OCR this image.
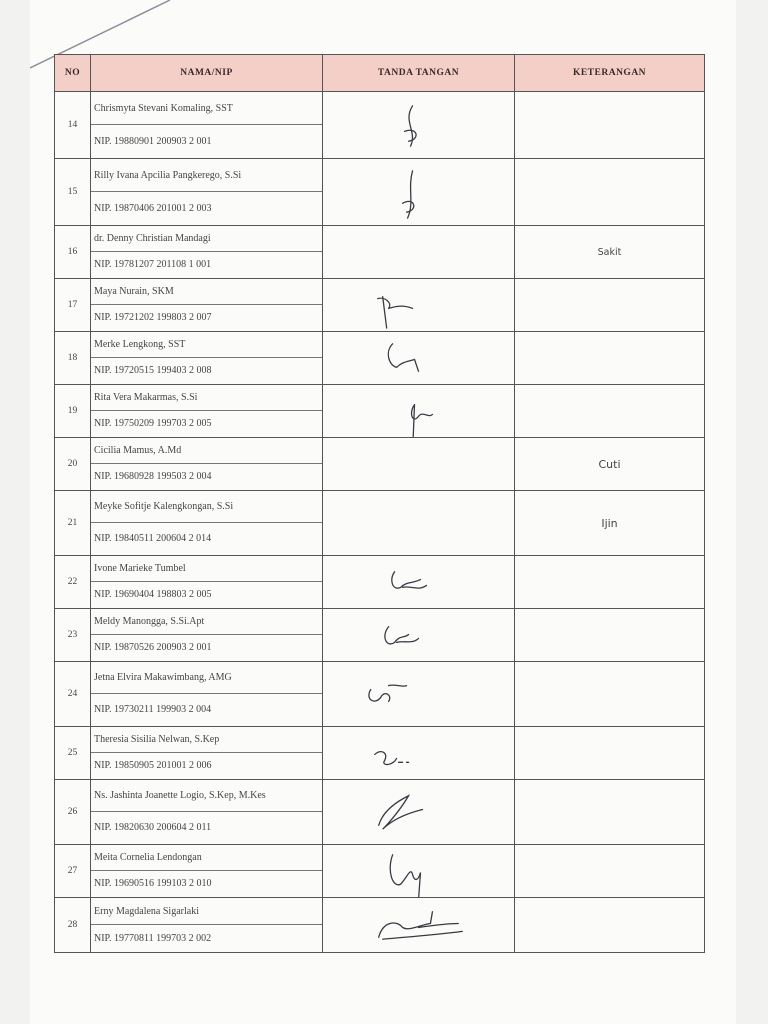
NO	NAMA/NIP	TANDA TANGAN	KETERANGAN
14	Chrismyta Stevani Komaling, SST
NIP. 19880901 200903 2 001

15	Rilly Ivana Apcilia Pangkerego, S.Si
NIP. 19870406 201001 2 003

16	dr. Denny Christian Mandagi
NIP. 19781207 201108 1 001		Sakit
17	Maya Nurain, SKM
NIP. 19721202 199803 2 007

18	Merke Lengkong, SST
NIP. 19720515 199403 2 008

19	Rita Vera Makarmas, S.Si
NIP. 19750209 199703 2 005

20	Cicilia Mamus, A.Md
NIP. 19680928 199503 2 004		Cuti
21	Meyke Sofitje Kalengkongan, S.Si
NIP. 19840511 200604 2 014		Ijin
22	Ivone Marieke Tumbel
NIP. 19690404 198803 2 005

23	Meldy Manongga, S.Si.Apt
NIP. 19870526 200903 2 001

24	Jetna Elvira Makawimbang, AMG
NIP. 19730211 199903 2 004

25	Theresia Sisilia Nelwan, S.Kep
NIP. 19850905 201001 2 006

26	Ns. Jashinta Joanette Logio, S.Kep, M.Kes
NIP. 19820630 200604 2 011

27	Meita Cornelia Lendongan
NIP. 19690516 199103 2 010

28	Erny Magdalena Sigarlaki
NIP. 19770811 199703 2 002
